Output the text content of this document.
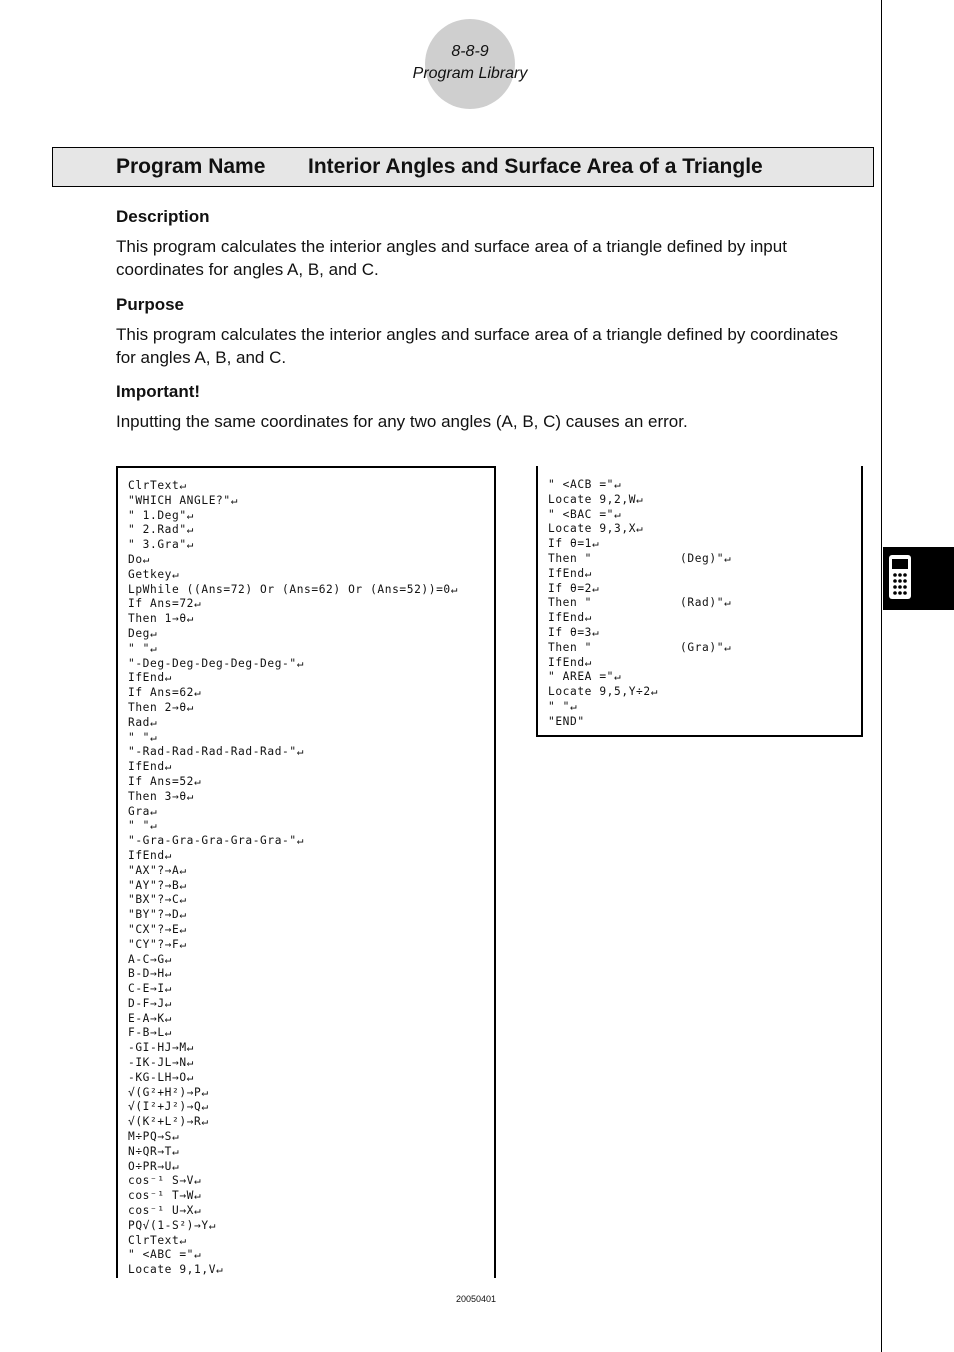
8-8-9
Program Library
Program Name Interior Angles and Surface Area of a Triangle
Description
This program calculates the interior angles and surface area of a triangle defined by input coordinates for angles A, B, and C.
Purpose
This program calculates the interior angles and surface area of a triangle defined by coordinates for angles A, B, and C.
Important!
Inputting the same coordinates for any two angles (A, B, C) causes an error.
ClrText↵
"WHICH ANGLE?"↵
" 1.Deg"↵
" 2.Rad"↵
" 3.Gra"↵
Do↵
Getkey↵
LpWhile ((Ans=72) Or (Ans=62) Or (Ans=52))=0↵
If Ans=72↵
Then 1→θ↵
Deg↵
" "↵
"-Deg-Deg-Deg-Deg-Deg-"↵
IfEnd↵
If Ans=62↵
Then 2→θ↵
Rad↵
" "↵
"-Rad-Rad-Rad-Rad-Rad-"↵
IfEnd↵
If Ans=52↵
Then 3→θ↵
Gra↵
" "↵
"-Gra-Gra-Gra-Gra-Gra-"↵
IfEnd↵
"AX"?→A↵
"AY"?→B↵
"BX"?→C↵
"BY"?→D↵
"CX"?→E↵
"CY"?→F↵
A-C→G↵
B-D→H↵
C-E→I↵
D-F→J↵
E-A→K↵
F-B→L↵
-GI-HJ→M↵
-IK-JL→N↵
-KG-LH→O↵
√(G²+H²)→P↵
√(I²+J²)→Q↵
√(K²+L²)→R↵
M÷PQ→S↵
N÷QR→T↵
O÷PR→U↵
cos⁻¹ S→V↵
cos⁻¹ T→W↵
cos⁻¹ U→X↵
PQ√(1-S²)→Y↵
ClrText↵
" <ABC ="↵
Locate 9,1,V↵
" <ACB ="↵
Locate 9,2,W↵
" <BAC ="↵
Locate 9,3,X↵
If θ=1↵
Then "            (Deg)"↵
IfEnd↵
If θ=2↵
Then "            (Rad)"↵
IfEnd↵
If θ=3↵
Then "            (Gra)"↵
IfEnd↵
" AREA ="↵
Locate 9,5,Y÷2↵
" "↵
"END"
20050401
